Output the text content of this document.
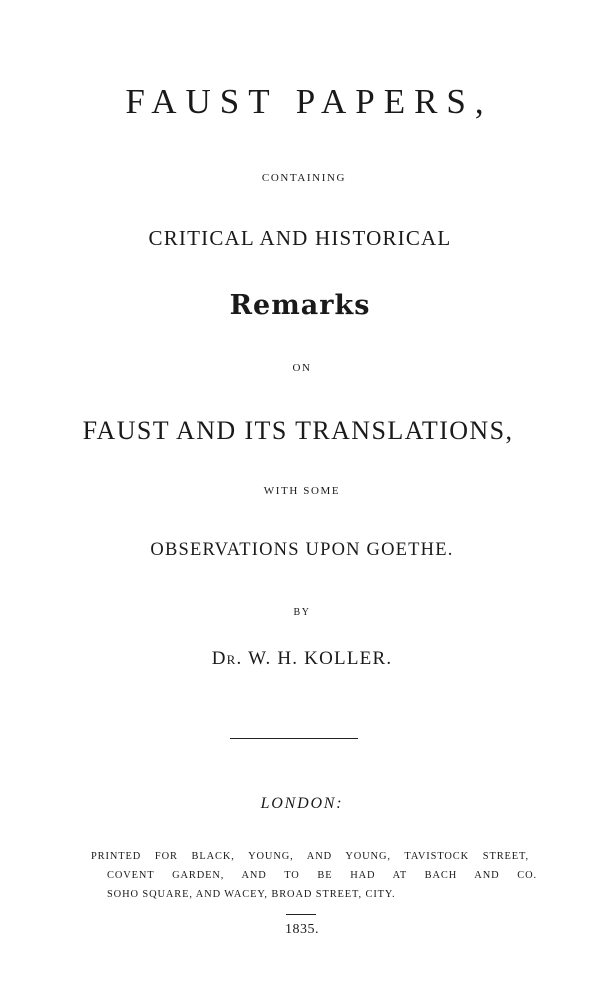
FAUST PAPERS,
CONTAINING
CRITICAL AND HISTORICAL
Remarks
ON
FAUST AND ITS TRANSLATIONS,
WITH SOME
OBSERVATIONS UPON GOETHE.
BY
DR. W. H. KOLLER.
LONDON:
PRINTED FOR BLACK, YOUNG, AND YOUNG, TAVISTOCK STREET,
COVENT GARDEN, AND TO BE HAD AT BACH AND CO.
SOHO SQUARE, AND WACEY, BROAD STREET, CITY.
1835.
